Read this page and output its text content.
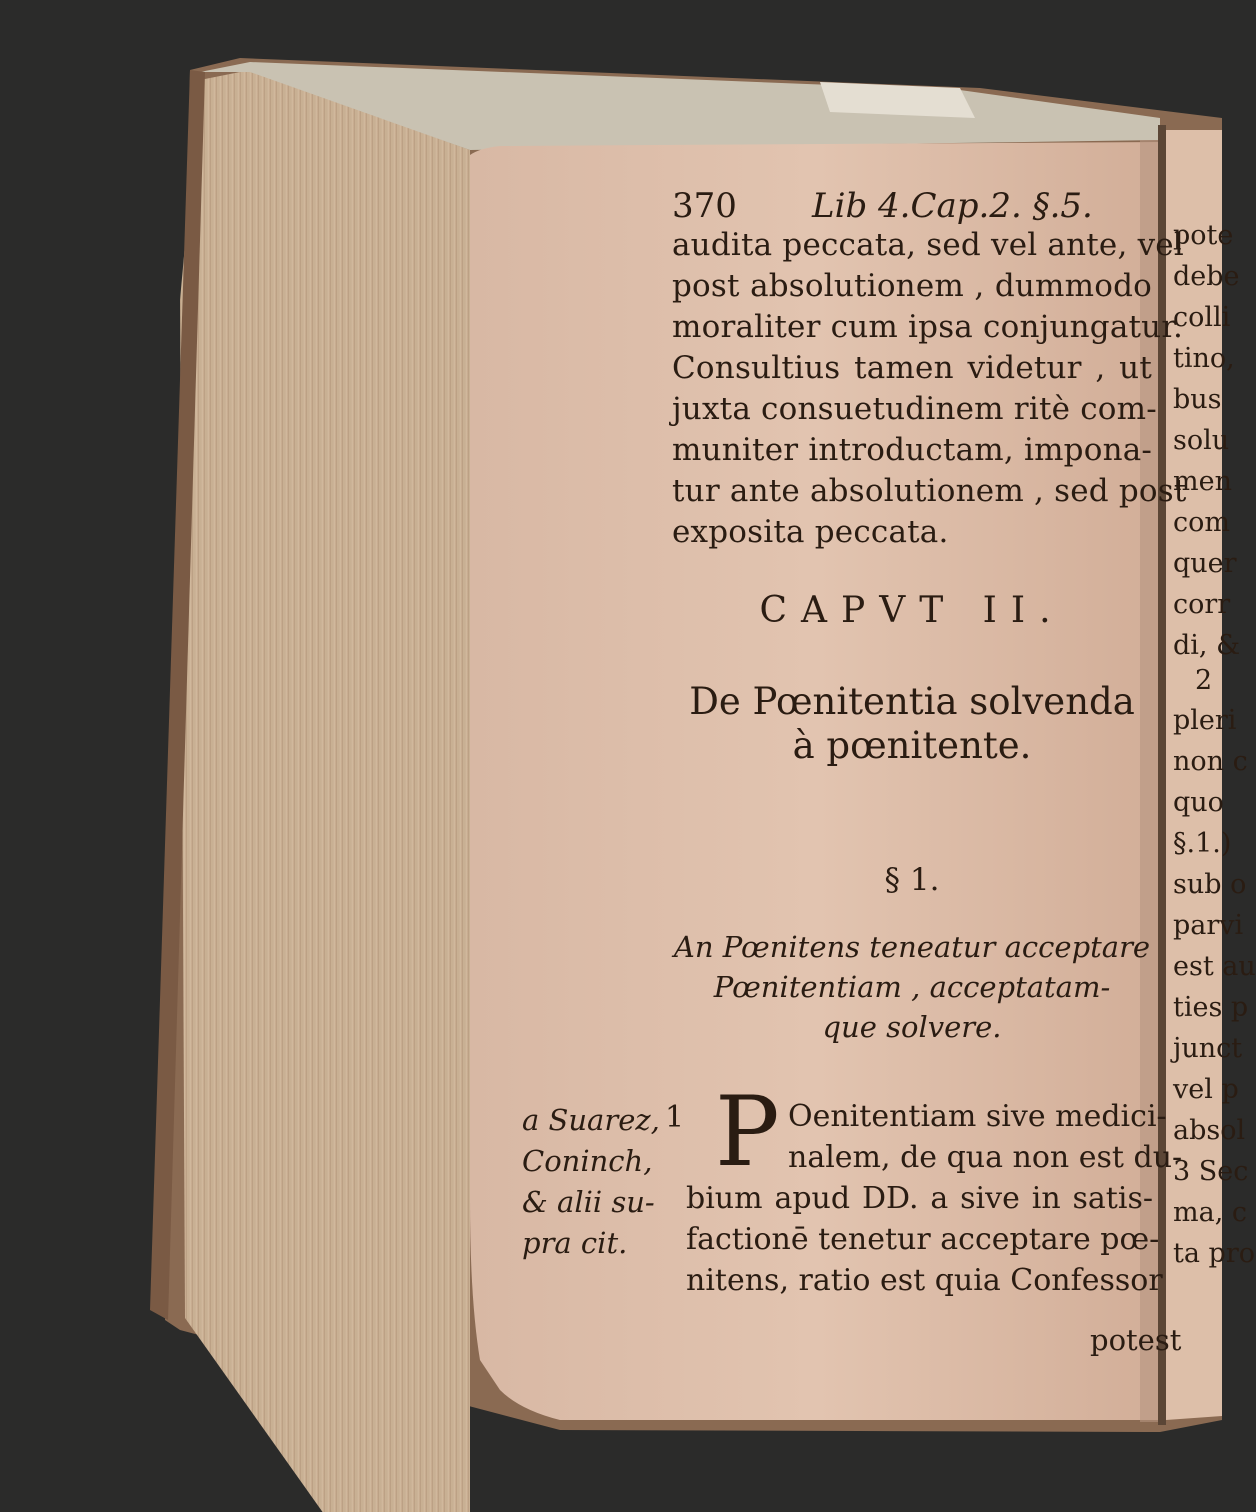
370 Lib 4.Cap.2. §.5.
audita peccata, sed vel ante, vel
post absolutionem , dummodo
moraliter cum ipsa conjungatur.
Consultius tamen videtur , ut
juxta consuetudinem ritè com-
muniter introductam, impona-
tur ante absolutionem , sed post
exposita peccata.
CAPVT II.
De Pœnitentia solvenda
à pœnitente.
§ 1.
An Pœnitens teneatur acceptare
Pœnitentiam , acceptatam-
que solvere.
a Suarez,
Coninch,
& alii su-
pra cit.
1 P Oenitentiam sive medici-
nalem, de qua non est du-
bium apud DD. a sive in satis-
factionē tenetur acceptare pœ-
nitens, ratio est quia Confessor
potest
pote
debe
colli
tino,
bus
solu
men
com
quer
corr
di, &
2
pleri
non c
quo
§.1.)
sub o
parvi
est au
ties p
junct
vel p
absol
3 Sec
ma, c
ta pro
